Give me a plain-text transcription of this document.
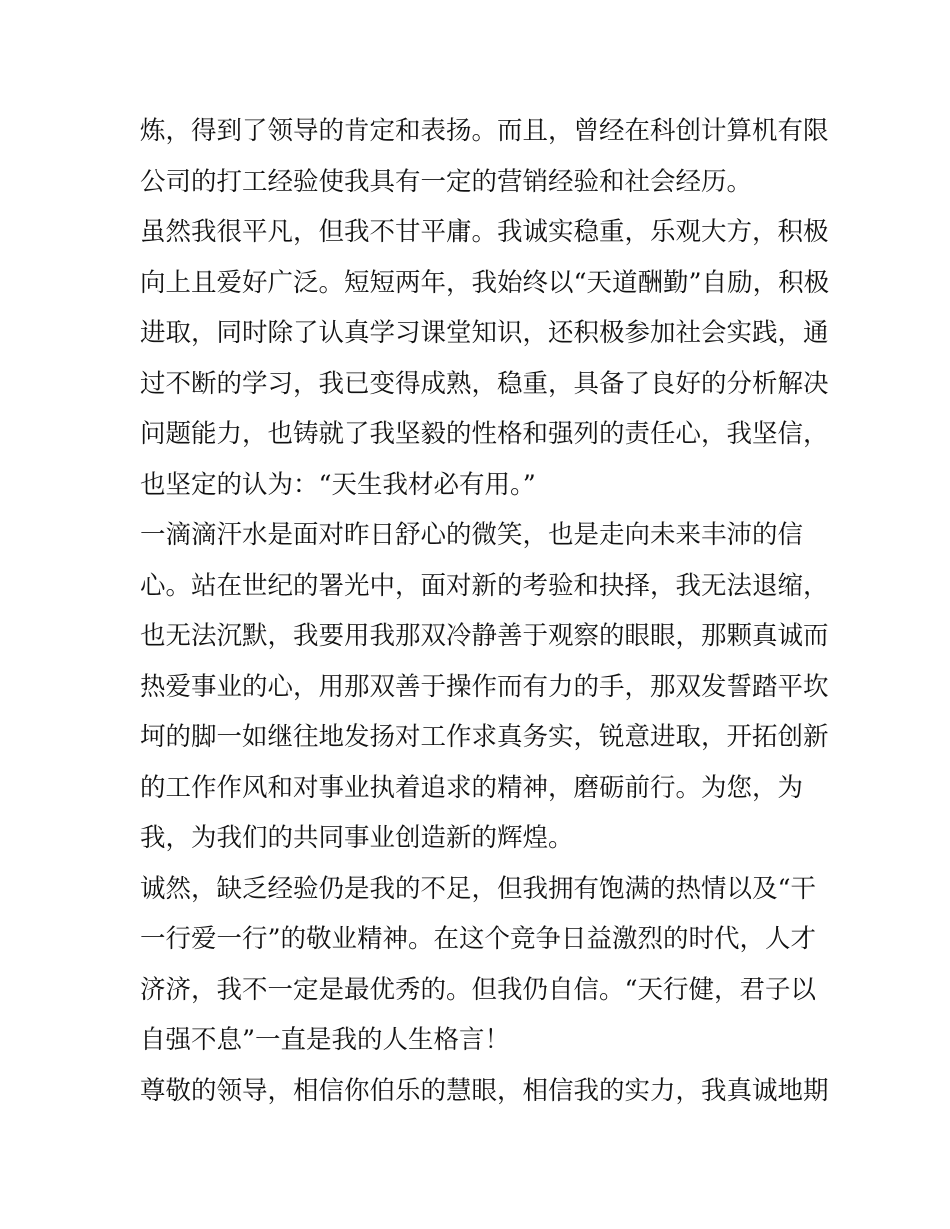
炼，得到了领导的肯定和表扬。而且，曾经在科创计算机有限
公司的打工经验使我具有一定的营销经验和社会经历。
虽然我很平凡，但我不甘平庸。我诚实稳重，乐观大方，积极
向上且爱好广泛。短短两年，我始终以“天道酬勤”自励，积极
进取，同时除了认真学习课堂知识，还积极参加社会实践，通
过不断的学习，我已变得成熟，稳重，具备了良好的分析解决
问题能力，也铸就了我坚毅的性格和强列的责任心，我坚信，
也坚定的认为：“天生我材必有用。”
一滴滴汗水是面对昨日舒心的微笑，也是走向未来丰沛的信
心。站在世纪的署光中，面对新的考验和抉择，我无法退缩，
也无法沉默，我要用我那双冷静善于观察的眼眼，那颗真诚而
热爱事业的心，用那双善于操作而有力的手，那双发誓踏平坎
坷的脚一如继往地发扬对工作求真务实，锐意进取，开拓创新
的工作作风和对事业执着追求的精神，磨砺前行。为您，为
我，为我们的共同事业创造新的辉煌。
诚然，缺乏经验仍是我的不足，但我拥有饱满的热情以及“干
一行爱一行”的敬业精神。在这个竞争日益激烈的时代，人才
济济，我不一定是最优秀的。但我仍自信。“天行健，君子以
自强不息”一直是我的人生格言！
尊敬的领导，相信你伯乐的慧眼，相信我的实力，我真诚地期
